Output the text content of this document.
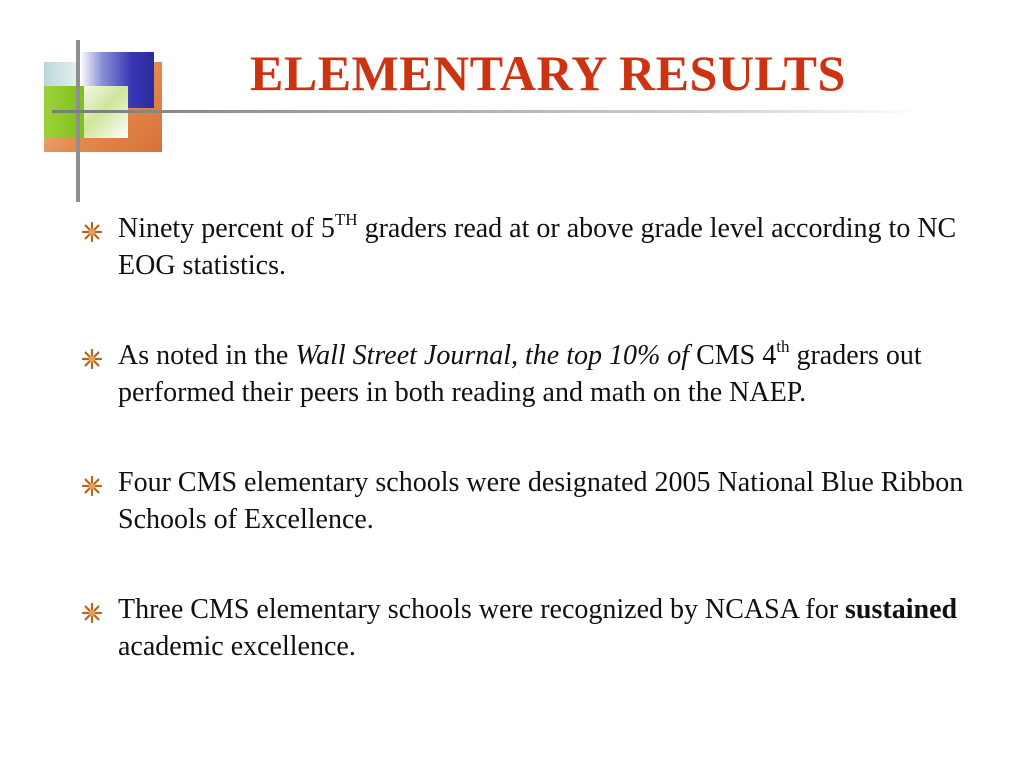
ELEMENTARY RESULTS
Ninety percent of 5TH graders read at or above grade level according to NC EOG statistics.
As noted in the Wall Street Journal, the top 10% of CMS 4th graders out performed their peers in both reading and math on the NAEP.
Four CMS elementary schools were designated 2005 National Blue Ribbon Schools of Excellence.
Three CMS elementary schools were recognized by NCASA for sustained academic excellence.
